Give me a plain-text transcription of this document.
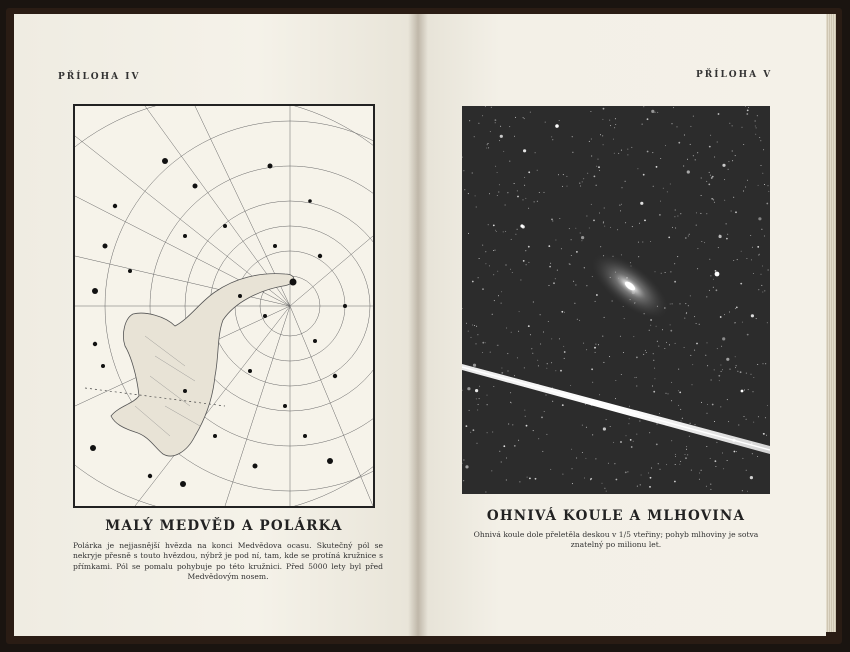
PŘÍLOHA IV	PŘÍLOHA V
MALÝ MEDVĚD A POLÁRKA
Polárka je nejjasnější hvězda na konci Medvědova ocasu. Skutečný pól se nekryje přesně s touto hvězdou, nýbrž je pod ní, tam, kde se protíná kružnice s přímkami. Pól se pomalu pohybuje po této kružnici. Před 5000 lety byl před Medvědovým nosem.
OHNIVÁ KOULE A MLHOVINA
Ohnivá koule dole přeletěla deskou v 1/5 vteřiny; pohyb mlhoviny je sotva znatelný po milionu let.
